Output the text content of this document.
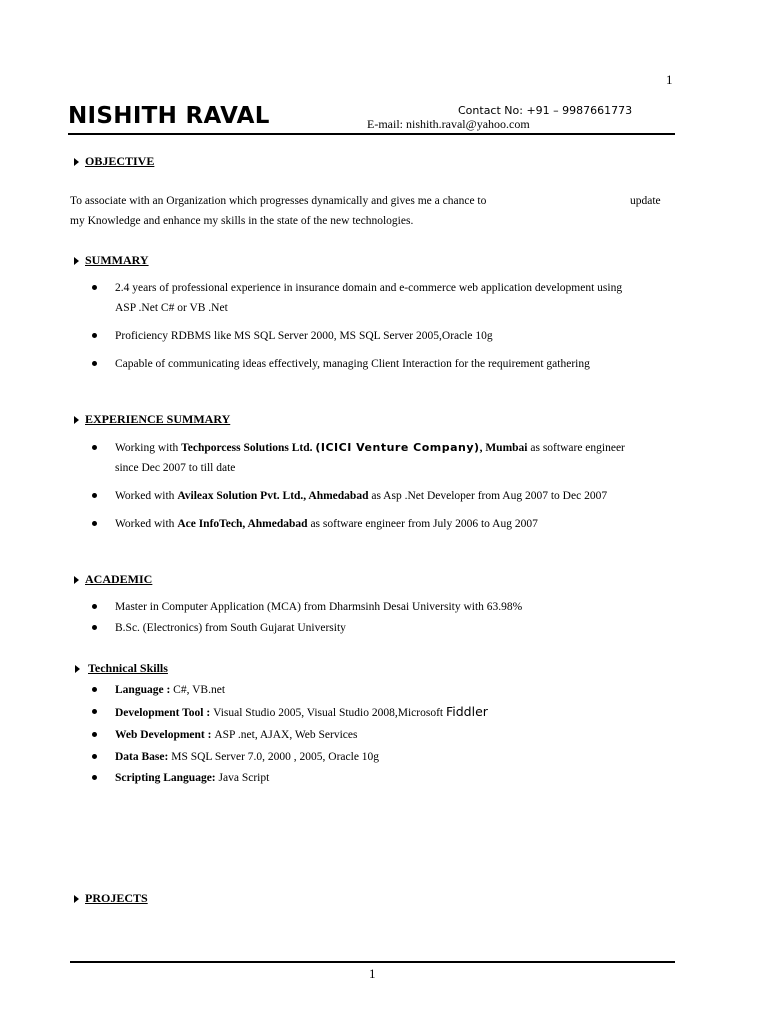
1
NISHITH RAVAL	Contact No: +91 – 9987661773
E-mail: nishith.raval@yahoo.com
OBJECTIVE
To associate with an Organization which progresses dynamically and gives me a chance to	update
my Knowledge and enhance my skills in the state of the new technologies.
SUMMARY
2.4 years of professional experience in insurance domain and e-commerce web application development using
ASP .Net C# or VB .Net
Proficiency RDBMS like MS SQL Server 2000, MS SQL Server 2005,Oracle 10g
Capable of communicating ideas effectively, managing Client Interaction for the requirement gathering
EXPERIENCE SUMMARY
Working with Techporcess Solutions Ltd. (ICICI Venture Company), Mumbai as software engineer
since Dec 2007 to till date
Worked with Avileax Solution Pvt. Ltd., Ahmedabad as Asp .Net Developer from Aug 2007 to Dec 2007
Worked with Ace InfoTech, Ahmedabad as software engineer from July 2006 to Aug 2007
ACADEMIC
Master in Computer Application (MCA) from Dharmsinh Desai University with 63.98%
B.Sc. (Electronics) from South Gujarat University
Technical Skills
Language : C#, VB.net
Development Tool : Visual Studio 2005, Visual Studio 2008,Microsoft Fiddler
Web Development : ASP .net, AJAX, Web Services
Data Base: MS SQL Server 7.0, 2000 , 2005, Oracle 10g
Scripting Language: Java Script
PROJECTS
1
